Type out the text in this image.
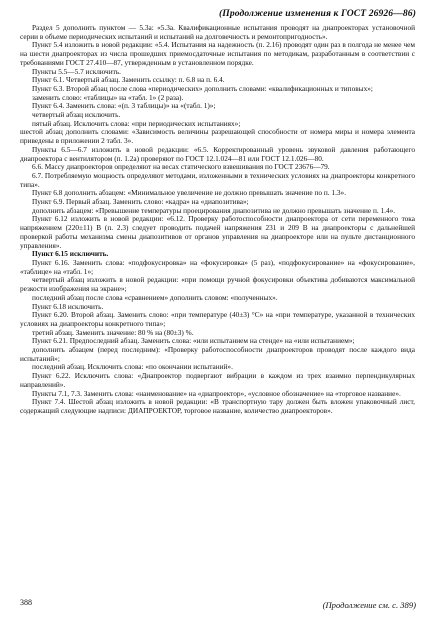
(Продолжение изменения к ГОСТ 26926—86)

Раздел 5 дополнить пунктом — 5.3а: «5.3а. Квалификационные испытания проводят на диапроекторах установочной серии в объеме периодических испытаний и испытаний на долговечность и ремонтопригодность».

Пункт 5.4 изложить в новой редакции: «5.4. Испытания на надежность (п. 2.16) проводят один раз в полгода не менее чем на шести диапроекторах из числа прошедших приемосдаточные испытания по методикам, разработанным в соответствии с требованиями ГОСТ 27.410—87, утвержденным в установленном порядке.

Пункты 5.5—5.7 исключить.

Пункт 6.1. Четвертый абзац. Заменить ссылку: п. 6.8 на п. 6.4.

Пункт 6.3. Второй абзац после слова «периодических» дополнить словами: «квалификационных и типовых»;

заменить слово: «таблицы» на «табл. 1» (2 раза).

Пункт 6.4. Заменить слова: «(п. 3 таблицы)» на «(табл. 1)»;

четвертый абзац исключить.

пятый абзац. Исключить слова: «при периодических испытаниях»;

шестой абзац дополнить словами: «Зависимость величины разрешающей способности от номера миры и номера элемента приведены в приложении 2 табл. 3».

Пункты 6.5—6.7 изложить в новой редакции: «6.5. Корректированный уровень звуковой давления работающего диапроектора с вентилятором (п. 1.2а) проверяют по ГОСТ 12.1.024—81 или ГОСТ 12.1.026—80.

6.6. Массу диапроекторов определяют на весах статического взвешивания по ГОСТ 23676—79.

6.7. Потребляемую мощность определяют методами, изложенными в технических условиях на диапроекторы конкретного типа».

Пункт 6.8 дополнить абзацем: «Минимальное увеличение не должно превышать значение по п. 1.3».

Пункт 6.9. Первый абзац. Заменить слово: «кадра» на «диапозитива»;

дополнить абзацем: «Превышение температуры проецирования диапозитива не должно превышать значение п. 1.4».

Пункт 6.12 изложить в новой редакции: «6.12. Проверку работоспособности диапроектора от сети переменного тока напряжением (220±11) В (п. 2.3) следует проводить подачей напряжения 231 и 209 В на диапроекторы с дальнейшей проверкой работы механизма смены диапозитивов от органов управления на диапроекторе или на пульте дистанционного управления».

Пункт 6.15 исключить.

Пункт 6.16. Заменить слова: «подфокусировка» на «фокусировка» (5 раз), «подфокусирование» на «фокусирование», «таблице» на «табл. 1»;

четвертый абзац изложить в новой редакции: «при помощи ручной фокусировки объектива добиваются максимальной резкости изображения на экране»;

последний абзац после слова «сравнением» дополнить словом: «полученных».

Пункт 6.18 исключить.

Пункт 6.20. Второй абзац. Заменить слово: «при температуре (40±3) °С» на «при температуре, указанной в технических условиях на диапроекторы конкретного типа»;

третий абзац. Заменить значение: 80 % на (80±3) %.

Пункт 6.21. Предпоследний абзац. Заменить слова: «или испытанием на стенде» на «или испытанием»;

дополнить абзацем (перед последним): «Проверку работоспособности диапроекторов проводят после каждого вида испытаний»;

последний абзац. Исключить слова: «по окончании испытаний».

Пункт 6.22. Исключить слова: «Диапроектор подвергают вибрации в каждом из трех взаимно перпендикулярных направлений».

Пункты 7.1, 7.3. Заменить слова: «наименование» на «диапроектор», «условное обозначение» на «торговое название».

Пункт 7.4. Шестой абзац изложить в новой редакции: «В транспортную тару должен быть вложен упаковочный лист, содержащий следующие надписи: ДИАПРОЕКТОР, торговое название, количество диапроекторов».

388	(Продолжение см. с. 389)
